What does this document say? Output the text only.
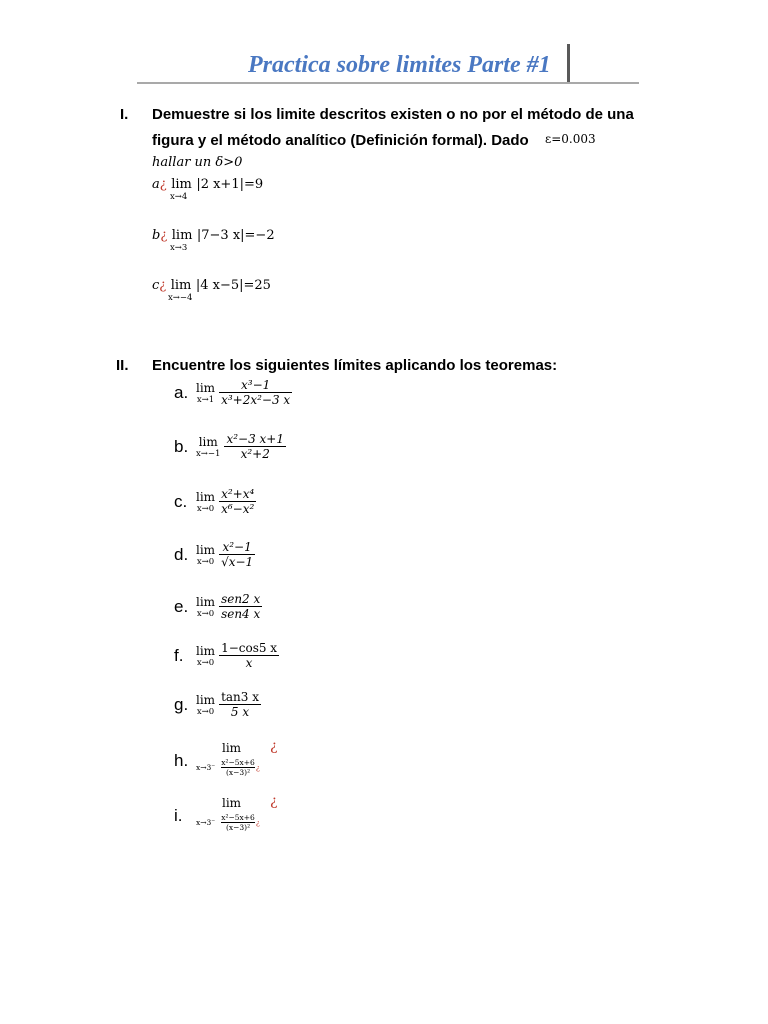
Practica sobre limites Parte #1
I. Demuestre si los limite descritos existen o no por el método de una
figura y el método analítico (Definición formal). Dado ε=0.003
hallar un δ>0
a¿ lim |2 x+1|=9
x→4
b¿ lim |7−3 x|=−2
x→3
c¿ lim |4 x−5|=25
x→−4
II. Encuentre los siguientes límites aplicando los teoremas:
a. lim
$x\to 1 \frac{\text{x³−1}}{\text{x³+2x²−3 x}}$
b. lim
$x\to-1 \frac{\text{x²−3 x+1}}{\text{x²+2}}$
c. lim
$x\to 0 \frac{\text{x²+x⁴}}{\text{x⁶−x²}}$
d. lim
$x\to 0 \frac{\text{x²−1}}{√x-1}$
e. lim
$x\to 0 \frac{\text{sen2 x}}{\text{sen4 x}}$
f.	lim
$x\to 0 \frac{1-\cos 5 x}{x}$
g. lim
$x\to 0 \frac{\tan 3 x}{5 x}$
h.
lim ¿
x→3⁻
x²−5x+6
(x−3)²
¿
i.
lim ¿
x→3⁻
x²−5x+6
(x−3)²
¿
